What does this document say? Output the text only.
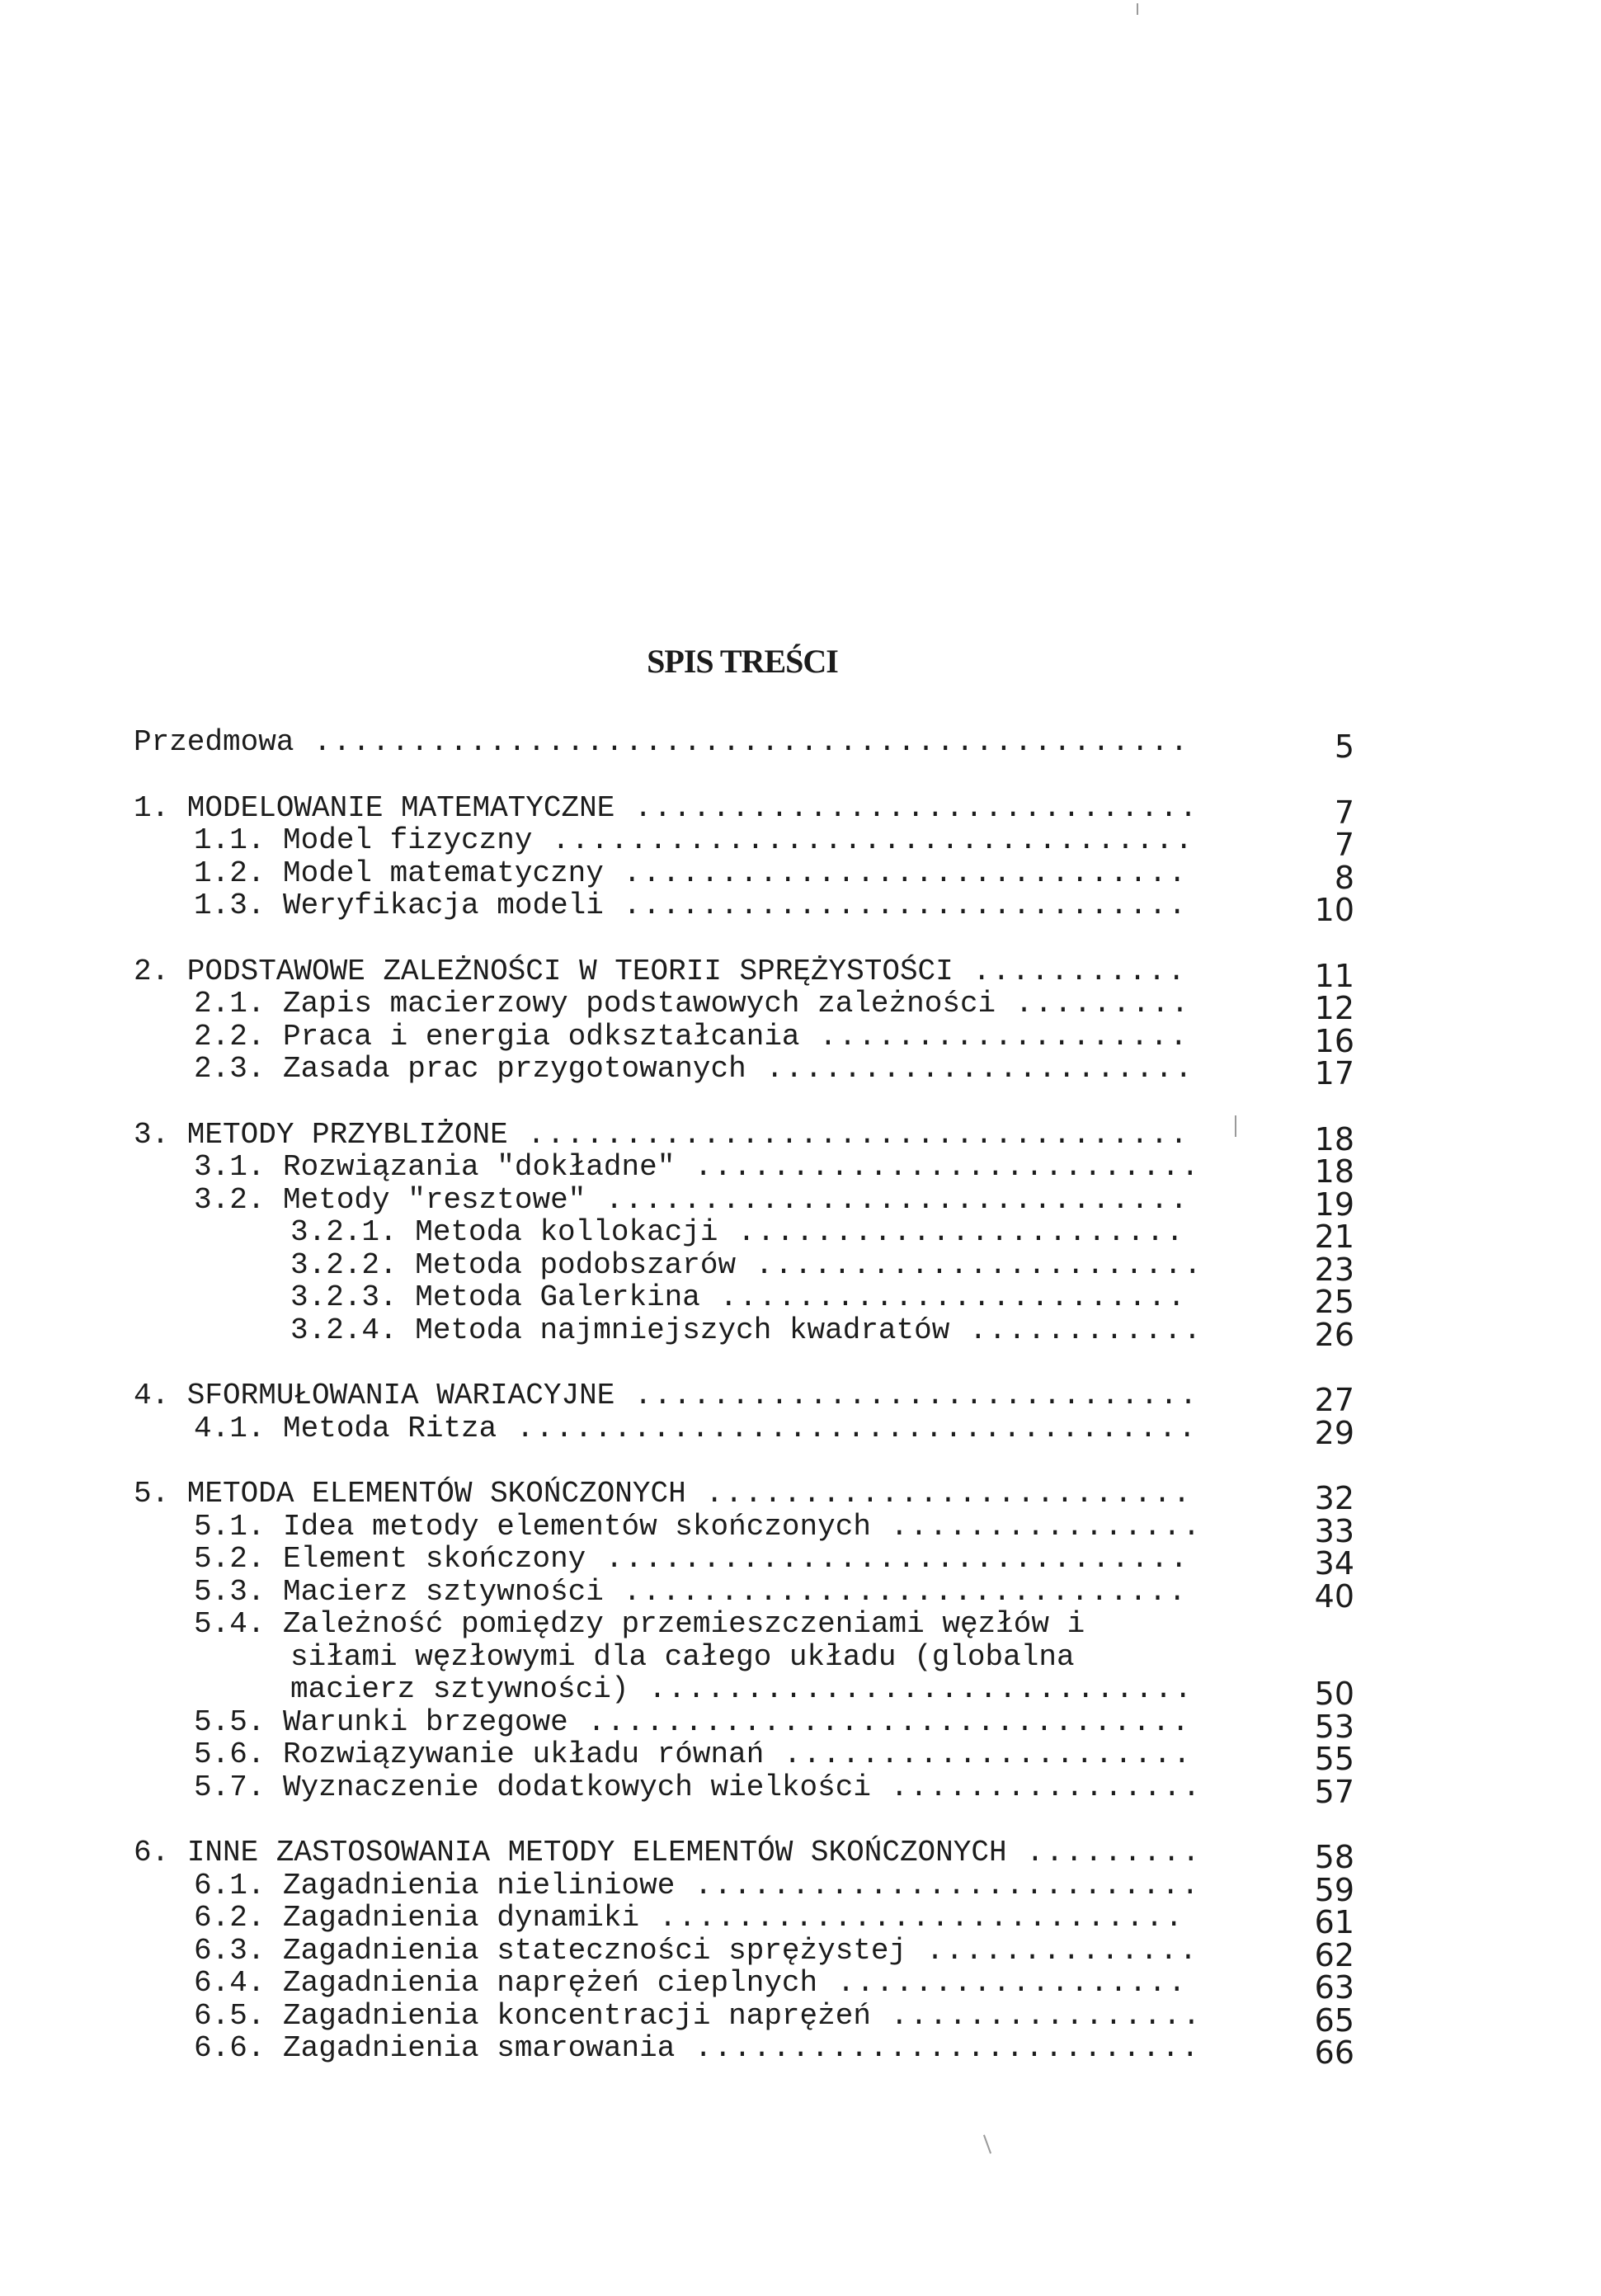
SPIS TREŚCI
Przedmowa .............................................	5
1. MODELOWANIE MATEMATYCZNE .............................	7
1.1. Model fizyczny .................................	7
1.2. Model matematyczny .............................	8
1.3. Weryfikacja modeli .............................	10
2. PODSTAWOWE ZALEŻNOŚCI W TEORII SPRĘŻYSTOŚCI ...........	11
2.1. Zapis macierzowy podstawowych zależności .........	12
2.2. Praca i energia odkształcania ...................	16
2.3. Zasada prac przygotowanych ......................	17
3. METODY PRZYBLIŻONE ..................................	18
3.1. Rozwiązania "dokładne" ..........................	18
3.2. Metody "resztowe" ..............................	19
3.2.1. Metoda kollokacji .......................	21
3.2.2. Metoda podobszarów .......................	23
3.2.3. Metoda Galerkina ........................	25
3.2.4. Metoda najmniejszych kwadratów ............	26
4. SFORMUŁOWANIA WARIACYJNE .............................	27
4.1. Metoda Ritza ...................................	29
5. METODA ELEMENTÓW SKOŃCZONYCH .........................	32
5.1. Idea metody elementów skończonych ................	33
5.2. Element skończony ..............................	34
5.3. Macierz sztywności .............................	40
5.4. Zależność pomiędzy przemieszczeniami węzłów i
siłami węzłowymi dla całego układu (globalna
macierz sztywności) ............................	50
5.5. Warunki brzegowe ...............................	53
5.6. Rozwiązywanie układu równań .....................	55
5.7. Wyznaczenie dodatkowych wielkości ................	57
6. INNE ZASTOSOWANIA METODY ELEMENTÓW SKOŃCZONYCH .........	58
6.1. Zagadnienia nieliniowe ..........................	59
6.2. Zagadnienia dynamiki ...........................	61
6.3. Zagadnienia stateczności sprężystej ..............	62
6.4. Zagadnienia naprężeń cieplnych ..................	63
6.5. Zagadnienia koncentracji naprężeń ................	65
6.6. Zagadnienia smarowania ..........................	66
